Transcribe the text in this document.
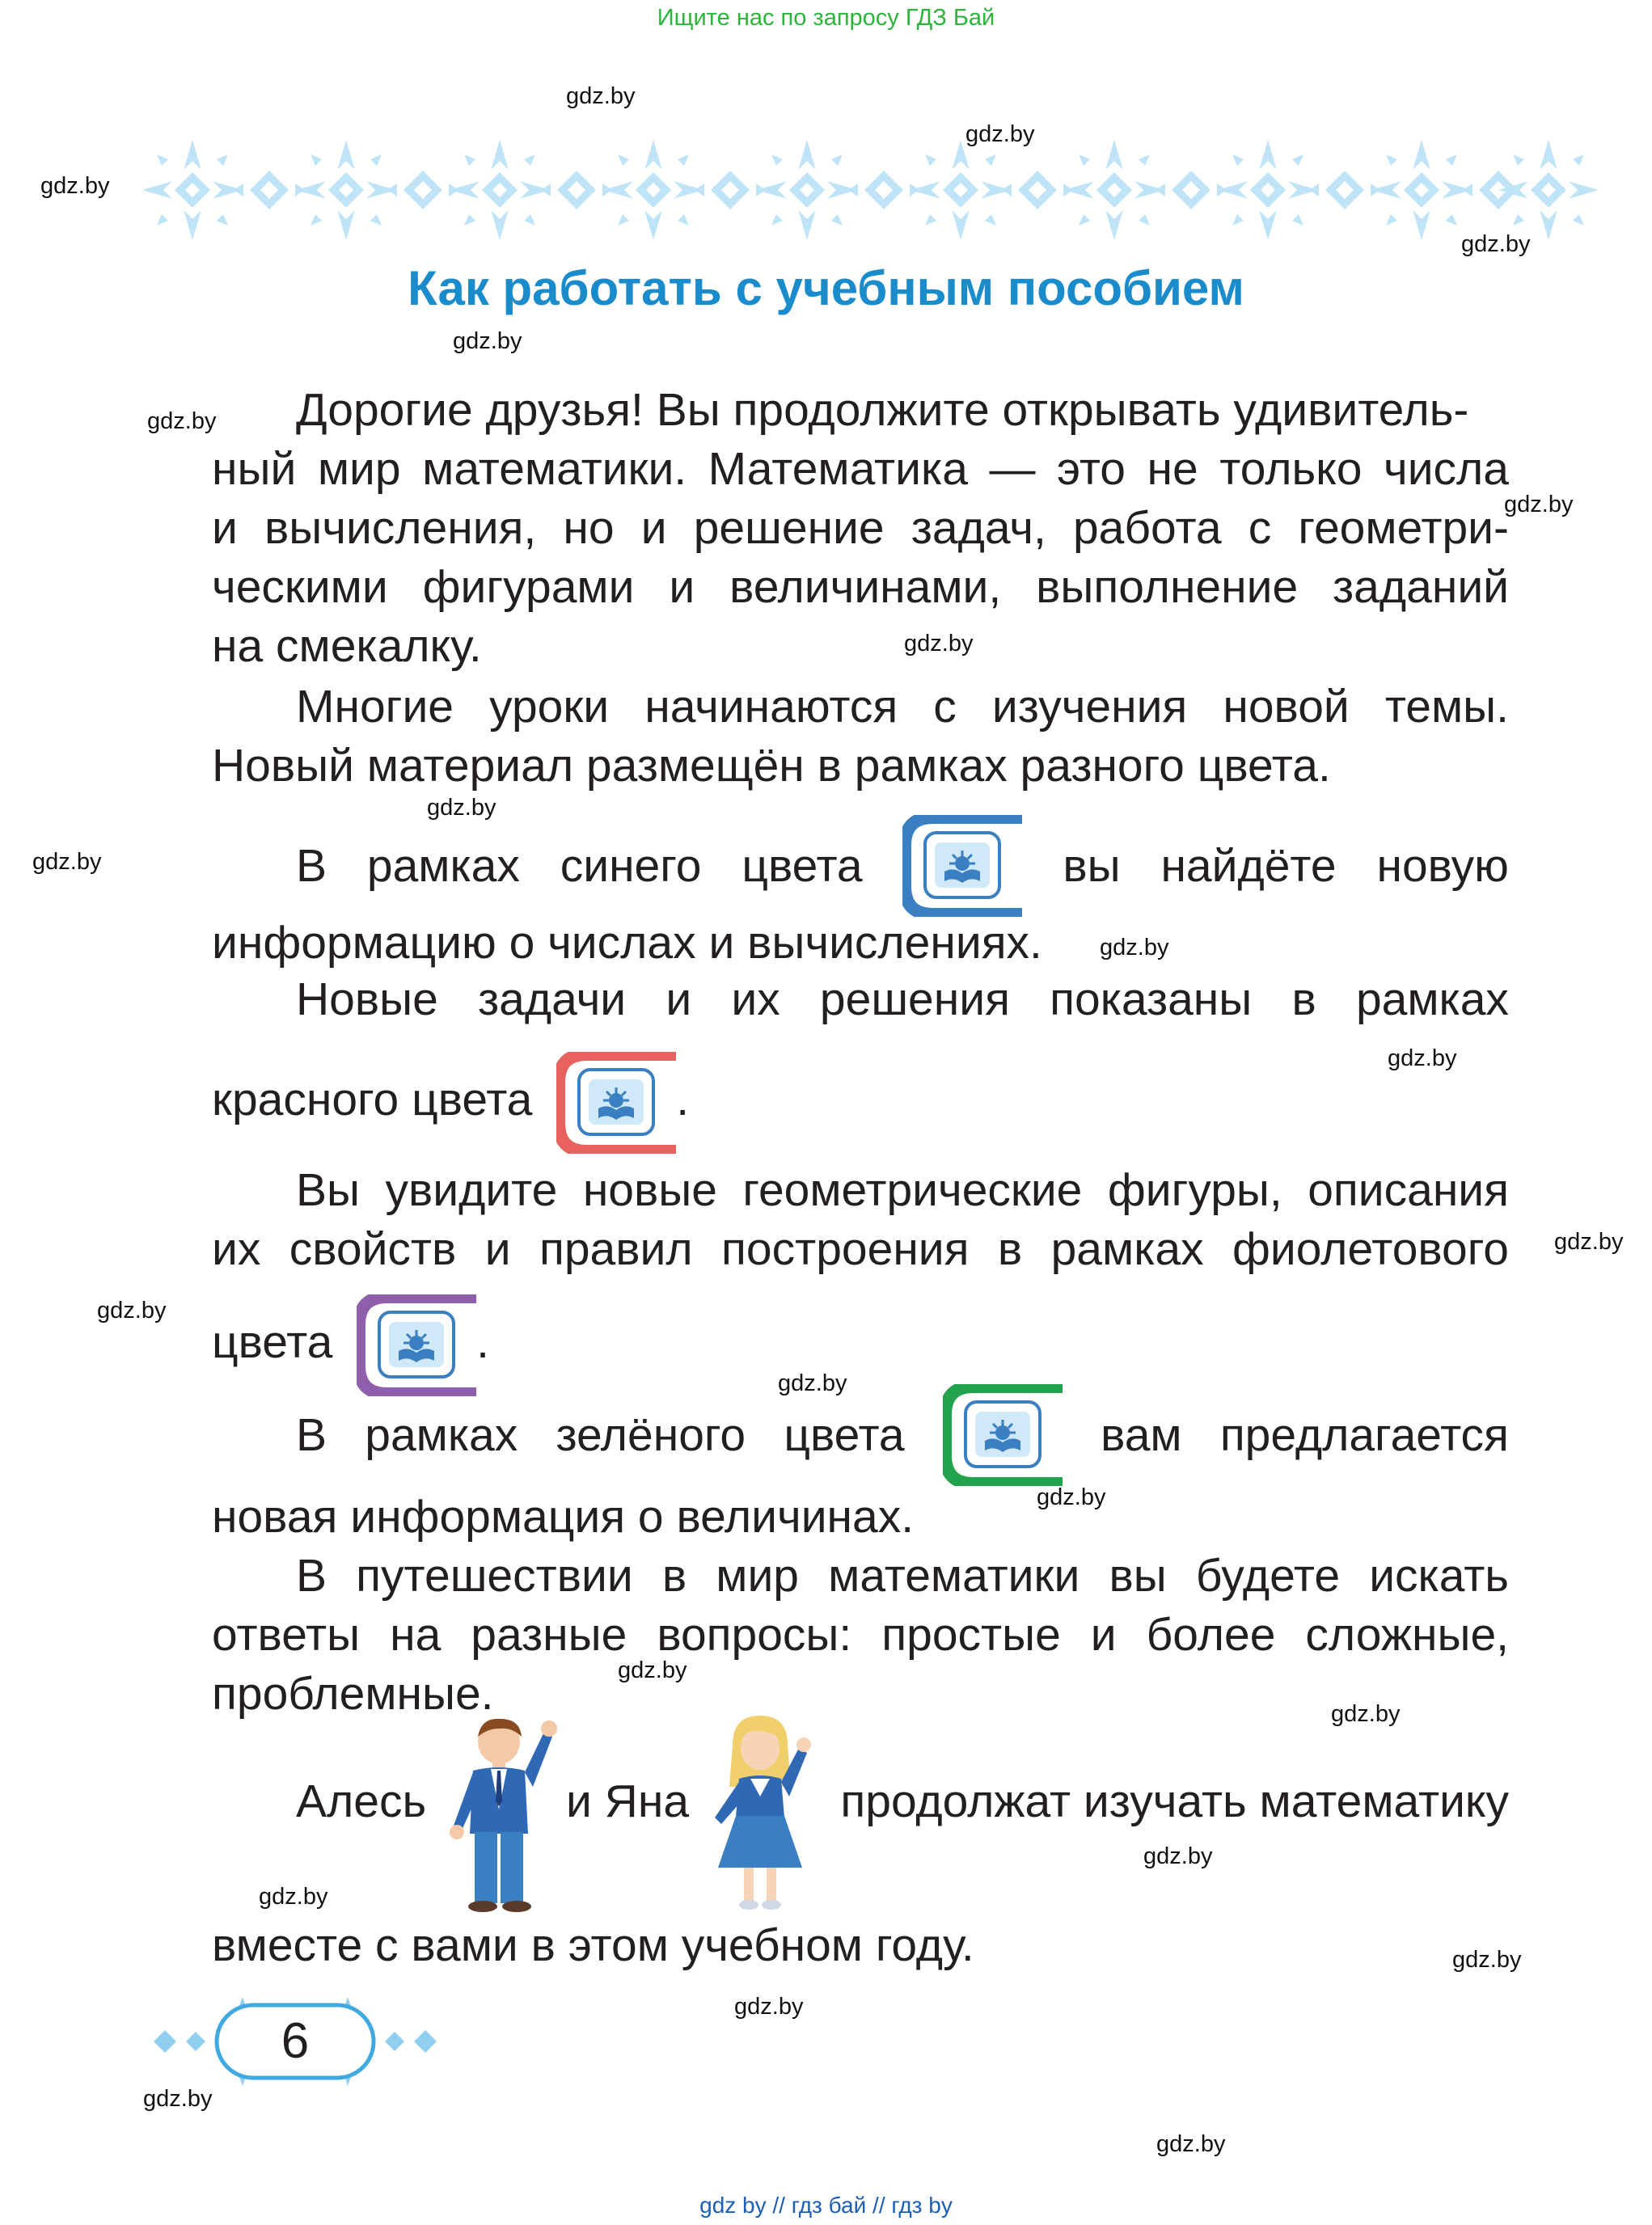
Ищите нас по запросу ГДЗ Бай
gdz.by
gdz.by
gdz.by
gdz.by
gdz.by
gdz.by
gdz.by
gdz.by
gdz.by
gdz.by
gdz.by
gdz.by
gdz.by
gdz.by
gdz.by
gdz.by
gdz.by
gdz.by
gdz.by
gdz.by
gdz.by
gdz.by
gdz.by
gdz.by
Как работать с учебным пособием
Дорогие друзья! Вы продолжите открывать удивитель-
ный мир математики. Математика — это не только числа
и вычисления, но и решение задач, работа с геометри-
ческими фигурами и величинами, выполнение заданий
на смекалку.
Многие уроки начинаются с изучения новой темы.
Новый материал размещён в рамках разного цвета.
В рамках синего цвета	вы найдёте новую
информацию о числах и вычислениях.
Новые задачи и их решения показаны в рамках
красного цвета	.
Вы увидите новые геометрические фигуры, описания
их свойств и правил построения в рамках фиолетового
цвета	.
В рамках зелёного цвета	вам предлагается
новая информация о величинах.
В путешествии в мир математики вы будете искать
ответы на разные вопросы: простые и более сложные,
проблемные.
Алесь	и Яна	продолжат изучать математику
вместе с вами в этом учебном году.
6
gdz by // гдз бай // гдз by
